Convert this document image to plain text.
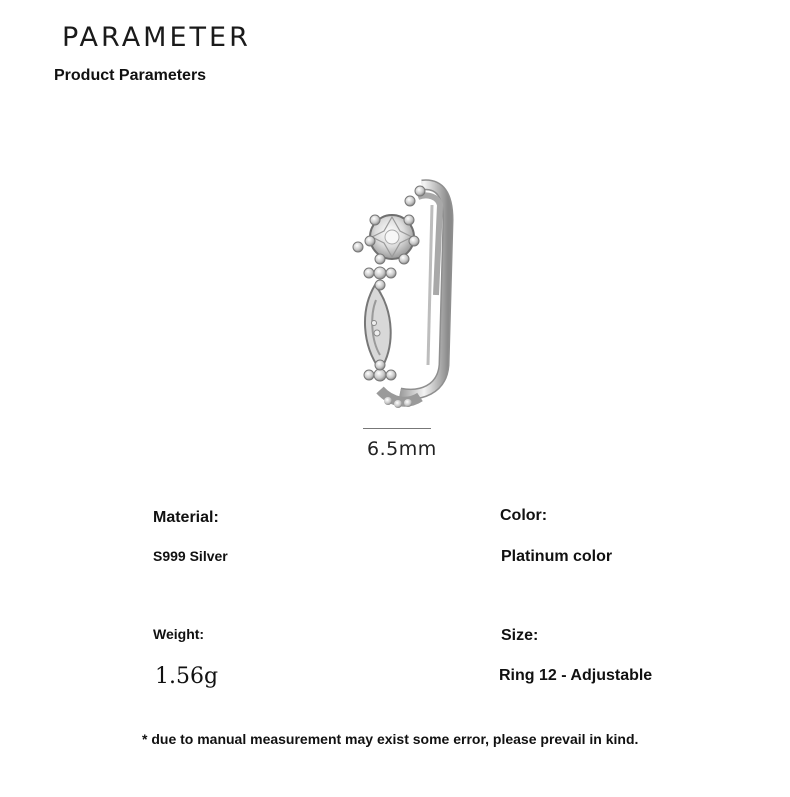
PARAMETER
Product Parameters
6.5mm
Material:
S999 Silver
Color:
Platinum color
Weight:
1.56g
Size:
Ring 12 - Adjustable
* due to manual measurement may exist some error, please prevail in kind.
